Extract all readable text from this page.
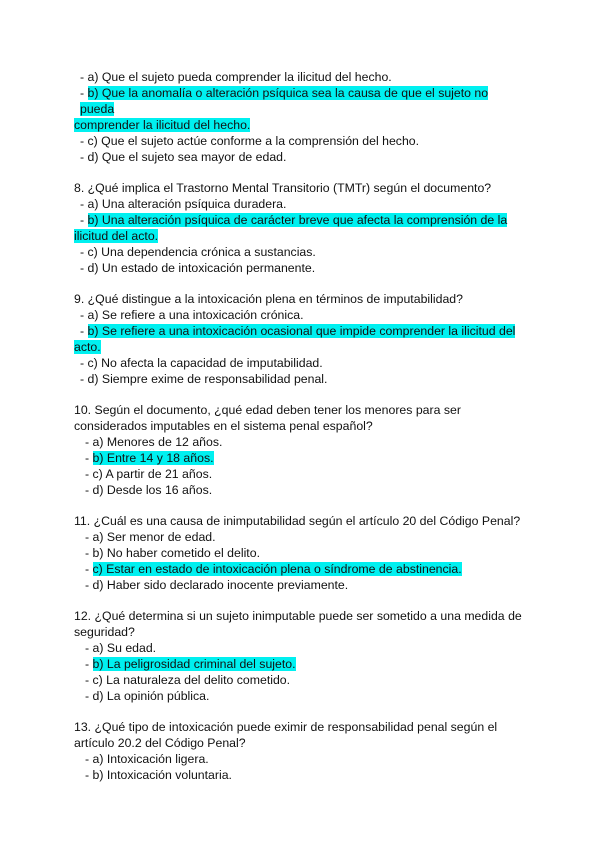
- a) Que el sujeto pueda comprender la ilicitud del hecho.

- b) Que la anomalía o alteración psíquica sea la causa de que el sujeto no pueda
comprender la ilicitud del hecho.

- c) Que el sujeto actúe conforme a la comprensión del hecho.

- d) Que el sujeto sea mayor de edad.

8. ¿Qué implica el Trastorno Mental Transitorio (TMTr) según el documento?

- a) Una alteración psíquica duradera.

- b) Una alteración psíquica de carácter breve que afecta la comprensión de la
ilicitud del acto.

- c) Una dependencia crónica a sustancias.

- d) Un estado de intoxicación permanente.

9. ¿Qué distingue a la intoxicación plena en términos de imputabilidad?

- a) Se refiere a una intoxicación crónica.

- b) Se refiere a una intoxicación ocasional que impide comprender la ilicitud del
acto.

- c) No afecta la capacidad de imputabilidad.

- d) Siempre exime de responsabilidad penal.

10. Según el documento, ¿qué edad deben tener los menores para ser

considerados imputables en el sistema penal español?

- a) Menores de 12 años.

- b) Entre 14 y 18 años.

- c) A partir de 21 años.

- d) Desde los 16 años.

11. ¿Cuál es una causa de inimputabilidad según el artículo 20 del Código Penal?

- a) Ser menor de edad.

- b) No haber cometido el delito.

- c) Estar en estado de intoxicación plena o síndrome de abstinencia.

- d) Haber sido declarado inocente previamente.

12. ¿Qué determina si un sujeto inimputable puede ser sometido a una medida de

seguridad?

- a) Su edad.

- b) La peligrosidad criminal del sujeto.

- c) La naturaleza del delito cometido.

- d) La opinión pública.

13. ¿Qué tipo de intoxicación puede eximir de responsabilidad penal según el

artículo 20.2 del Código Penal?

- a) Intoxicación ligera.

- b) Intoxicación voluntaria.
